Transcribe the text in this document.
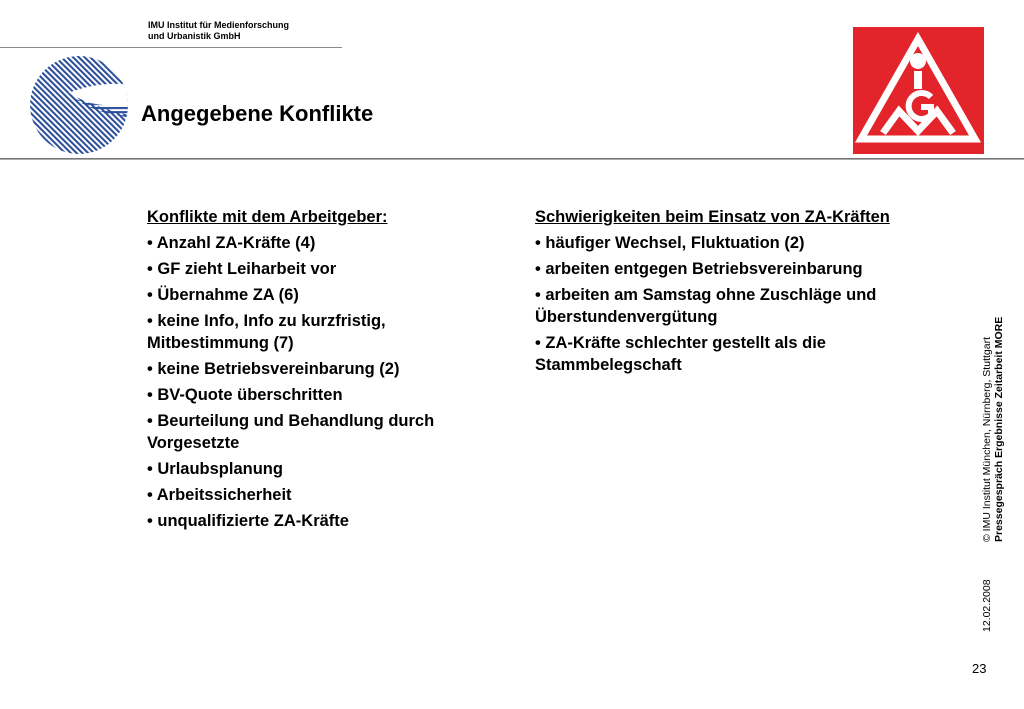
IMU Institut für Medienforschung
und Urbanistik GmbH
Angegebene Konflikte
Konflikte mit dem Arbeitgeber:
• Anzahl ZA-Kräfte (4)
• GF zieht Leiharbeit vor
• Übernahme ZA (6)
• keine Info, Info zu kurzfristig, Mitbestimmung (7)
• keine Betriebsvereinbarung (2)
• BV-Quote überschritten
• Beurteilung und Behandlung durch Vorgesetzte
• Urlaubsplanung
• Arbeitssicherheit
• unqualifizierte ZA-Kräfte
Schwierigkeiten beim Einsatz von ZA-Kräften
• häufiger Wechsel, Fluktuation (2)
• arbeiten entgegen Betriebsvereinbarung
• arbeiten am Samstag ohne Zuschläge und Überstundenvergütung
• ZA-Kräfte schlechter gestellt als die Stammbelegschaft	© IMU Institut München, Nürnberg, Stuttgart Pressegespräch Ergebnisse Zeitarbeit MORE
12.02.2008
23
